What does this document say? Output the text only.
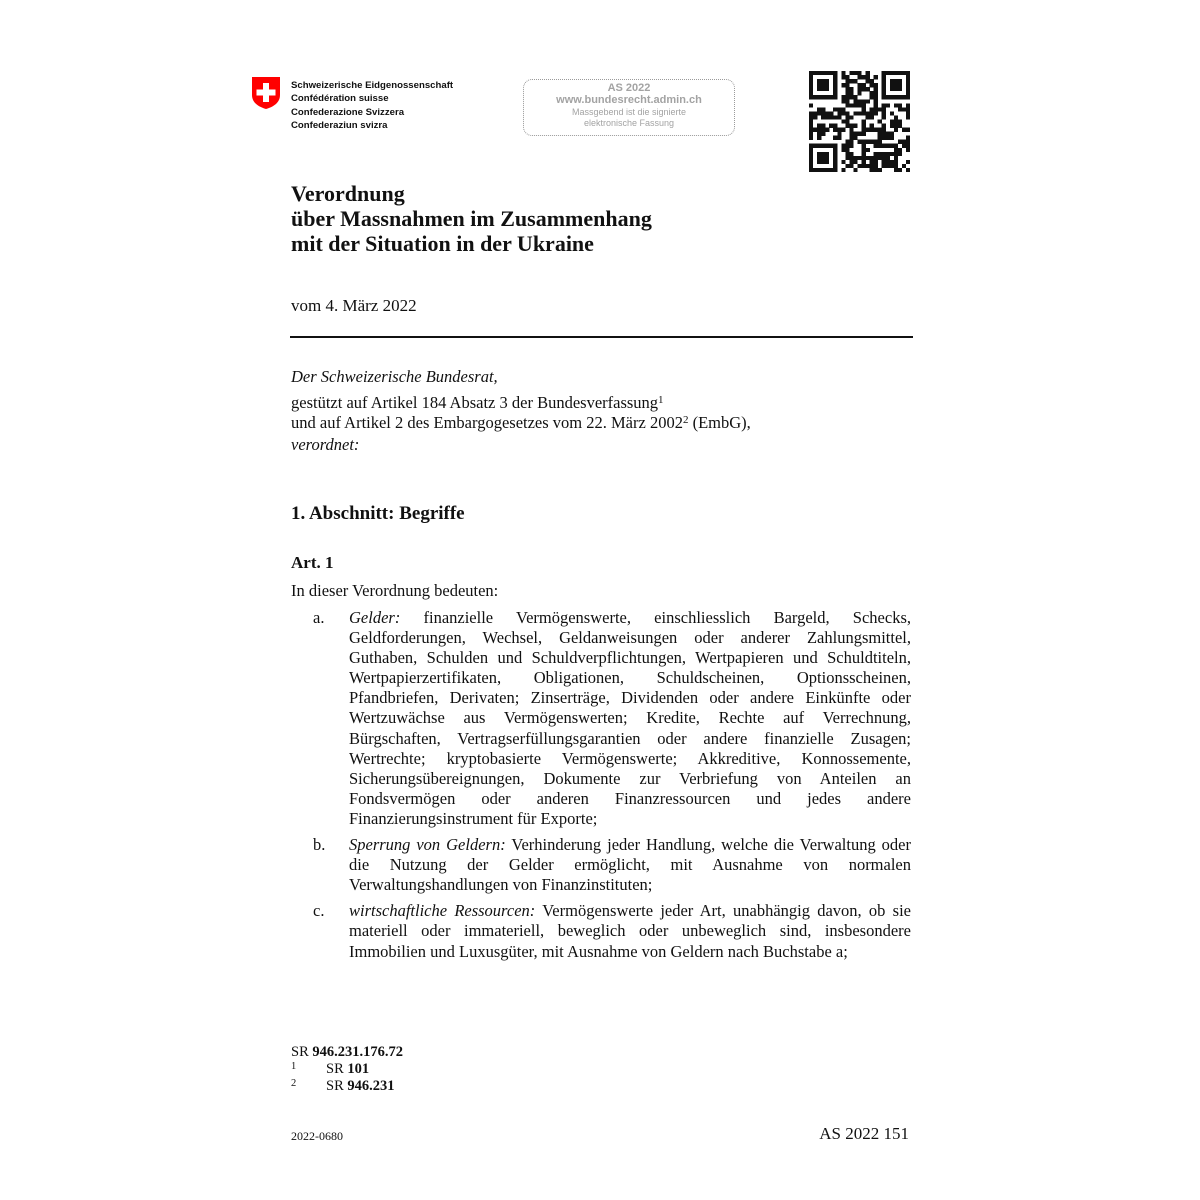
Schweizerische Eidgenossenschaft
Confédération suisse
Confederazione Svizzera
Confederaziun svizra
AS 2022
www.bundesrecht.admin.ch
Massgebend ist die signierte
elektronische Fassung
Verordnung
über Massnahmen im Zusammenhang
mit der Situation in der Ukraine
vom 4. März 2022
Der Schweizerische Bundesrat,
gestützt auf Artikel 184 Absatz 3 der Bundesverfassung$^1$
und auf Artikel 2 des Embargogesetzes vom 22. März 2002$^2$ (EmbG),
verordnet:
1. Abschnitt: Begriffe
Art. 1
In dieser Verordnung bedeuten:
a. Gelder: finanzielle Vermögenswerte, einschliesslich Bargeld, Schecks, Geldforderungen, Wechsel, Geldanweisungen oder anderer Zahlungsmittel, Guthaben, Schulden und Schuldverpflichtungen, Wertpapieren und Schuldtiteln, Wertpapierzertifikaten, Obligationen, Schuldscheinen, Optionsscheinen, Pfandbriefen, Derivaten; Zinserträge, Dividenden oder andere Einkünfte oder Wertzuwächse aus Vermögenswerten; Kredite, Rechte auf Verrechnung, Bürgschaften, Vertragserfüllungsgarantien oder andere finanzielle Zusagen; Wertrechte; kryptobasierte Vermögenswerte; Akkreditive, Konnossemente, Sicherungsübereignungen, Dokumente zur Verbriefung von Anteilen an Fondsvermögen oder anderen Finanzressourcen und jedes andere Finanzierungsinstrument für Exporte;
b. Sperrung von Geldern: Verhinderung jeder Handlung, welche die Verwaltung oder die Nutzung der Gelder ermöglicht, mit Ausnahme von normalen Verwaltungshandlungen von Finanzinstituten;
c. wirtschaftliche Ressourcen: Vermögenswerte jeder Art, unabhängig davon, ob sie materiell oder immateriell, beweglich oder unbeweglich sind, insbesondere Immobilien und Luxusgüter, mit Ausnahme von Geldern nach Buchstabe a;
SR 946.231.176.72
1 SR 101
2 SR 946.231
2022-0680	AS 2022 151
